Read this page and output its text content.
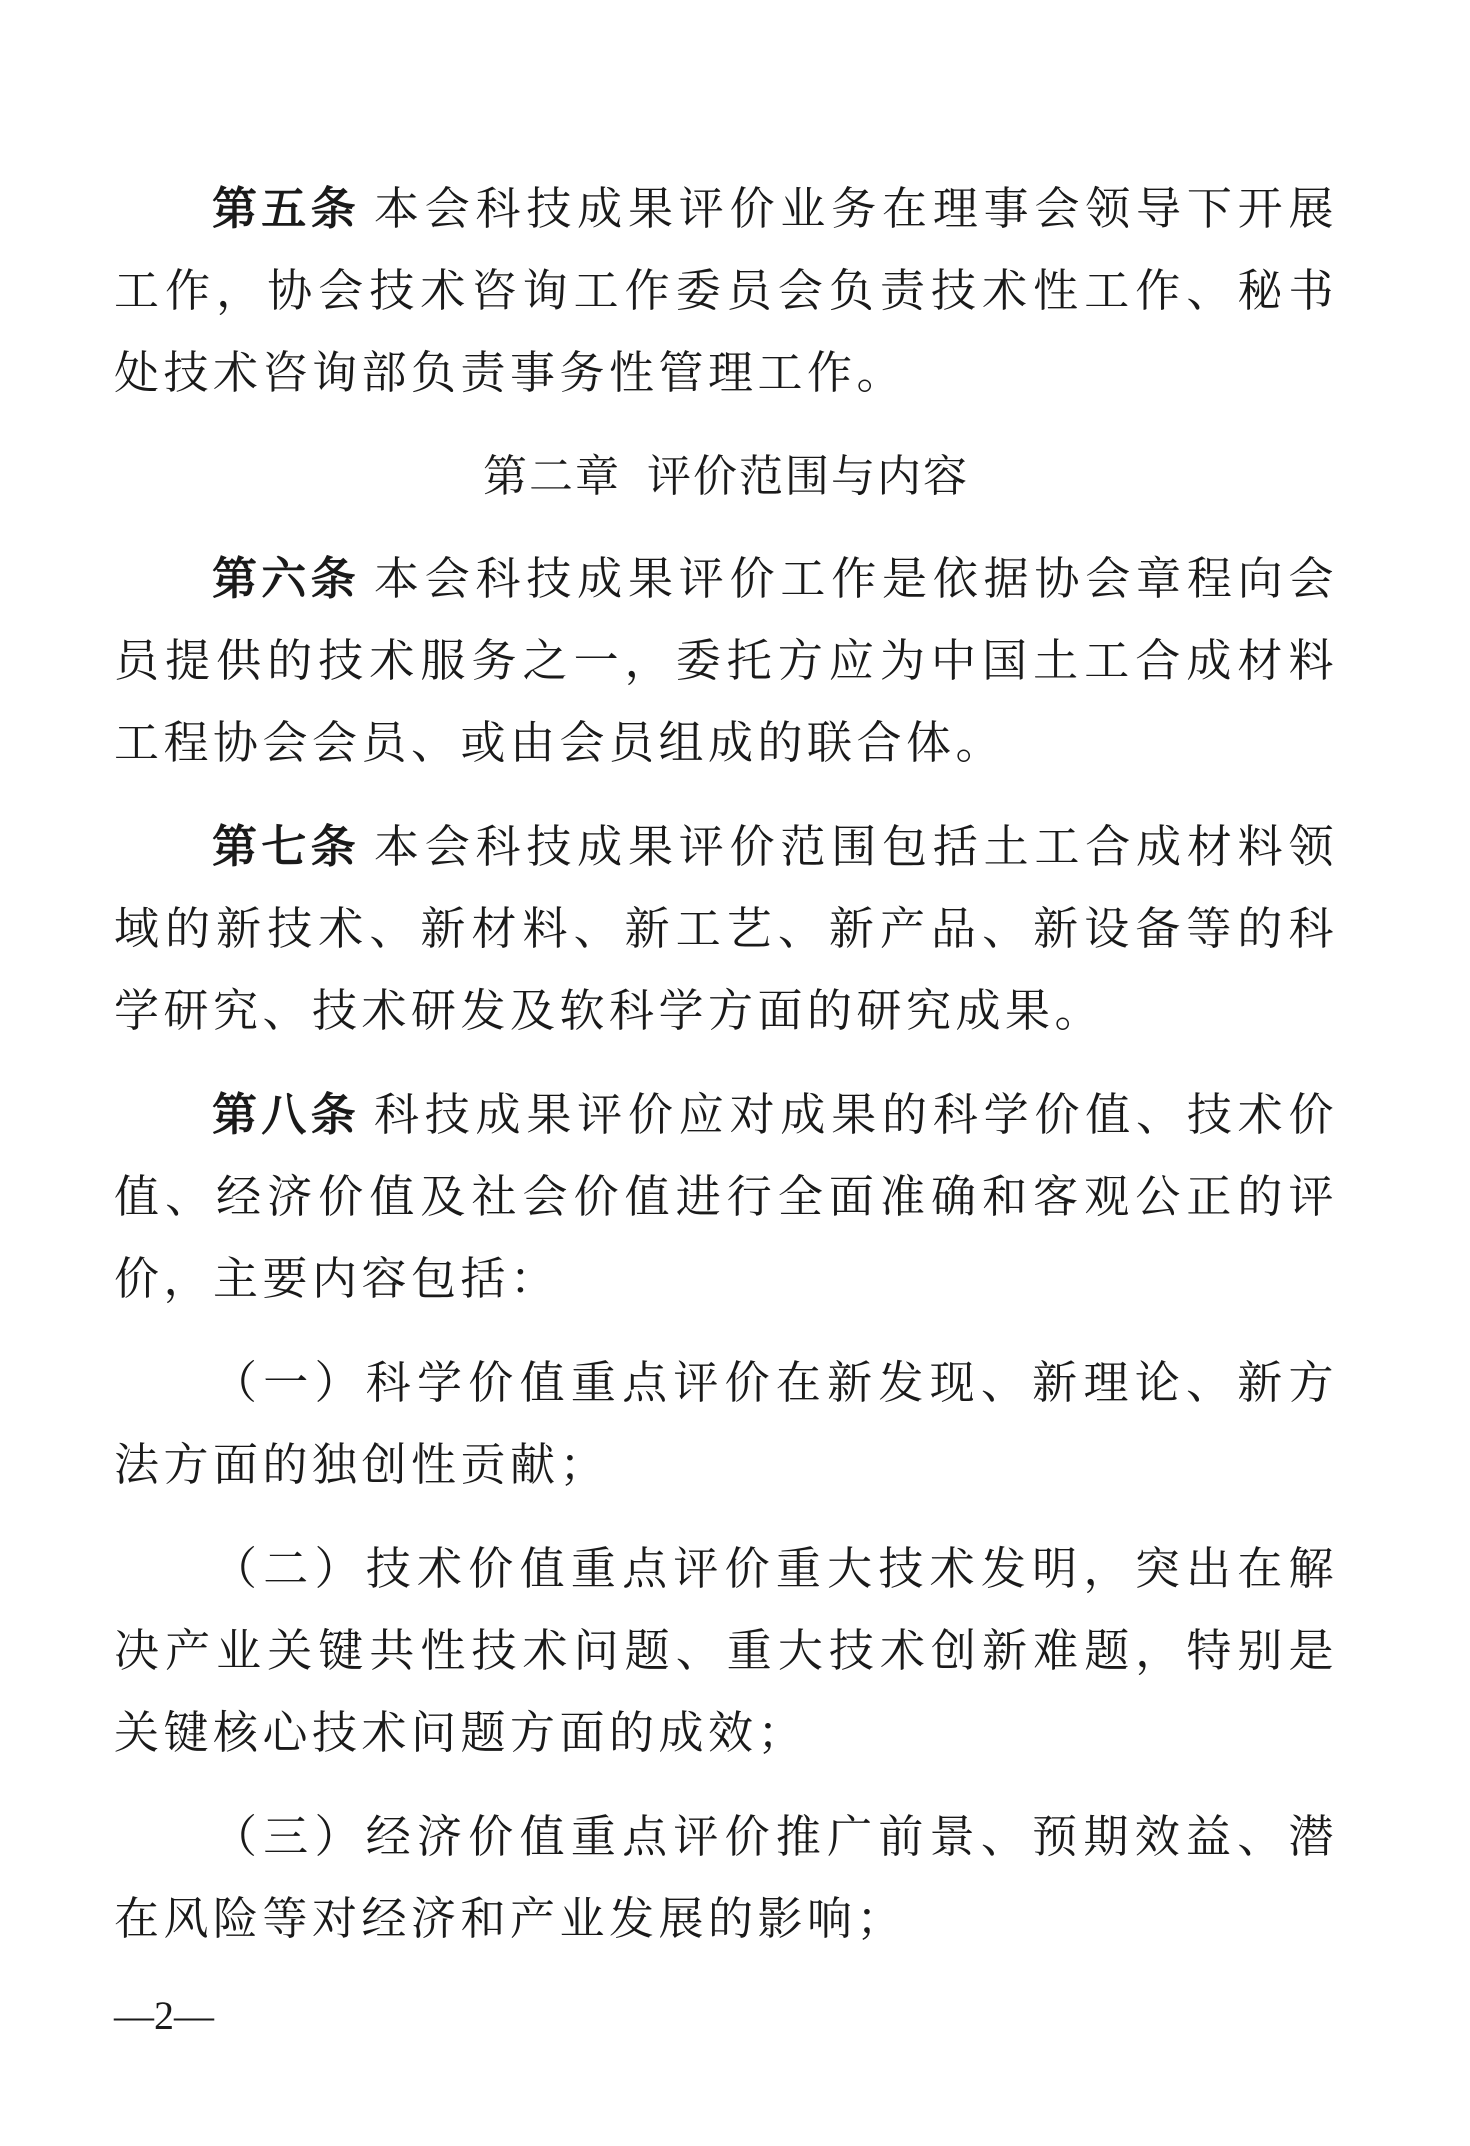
第五条 本会科技成果评价业务在理事会领导下开展工作，协会技术咨询工作委员会负责技术性工作、秘书处技术咨询部负责事务性管理工作。

第二章 评价范围与内容

第六条 本会科技成果评价工作是依据协会章程向会员提供的技术服务之一，委托方应为中国土工合成材料工程协会会员、或由会员组成的联合体。

第七条 本会科技成果评价范围包括土工合成材料领域的新技术、新材料、新工艺、新产品、新设备等的科学研究、技术研发及软科学方面的研究成果。

第八条 科技成果评价应对成果的科学价值、技术价值、经济价值及社会价值进行全面准确和客观公正的评价，主要内容包括：

（一）科学价值重点评价在新发现、新理论、新方法方面的独创性贡献；

（二）技术价值重点评价重大技术发明，突出在解决产业关键共性技术问题、重大技术创新难题，特别是关键核心技术问题方面的成效；

（三）经济价值重点评价推广前景、预期效益、潜在风险等对经济和产业发展的影响；

—2—
